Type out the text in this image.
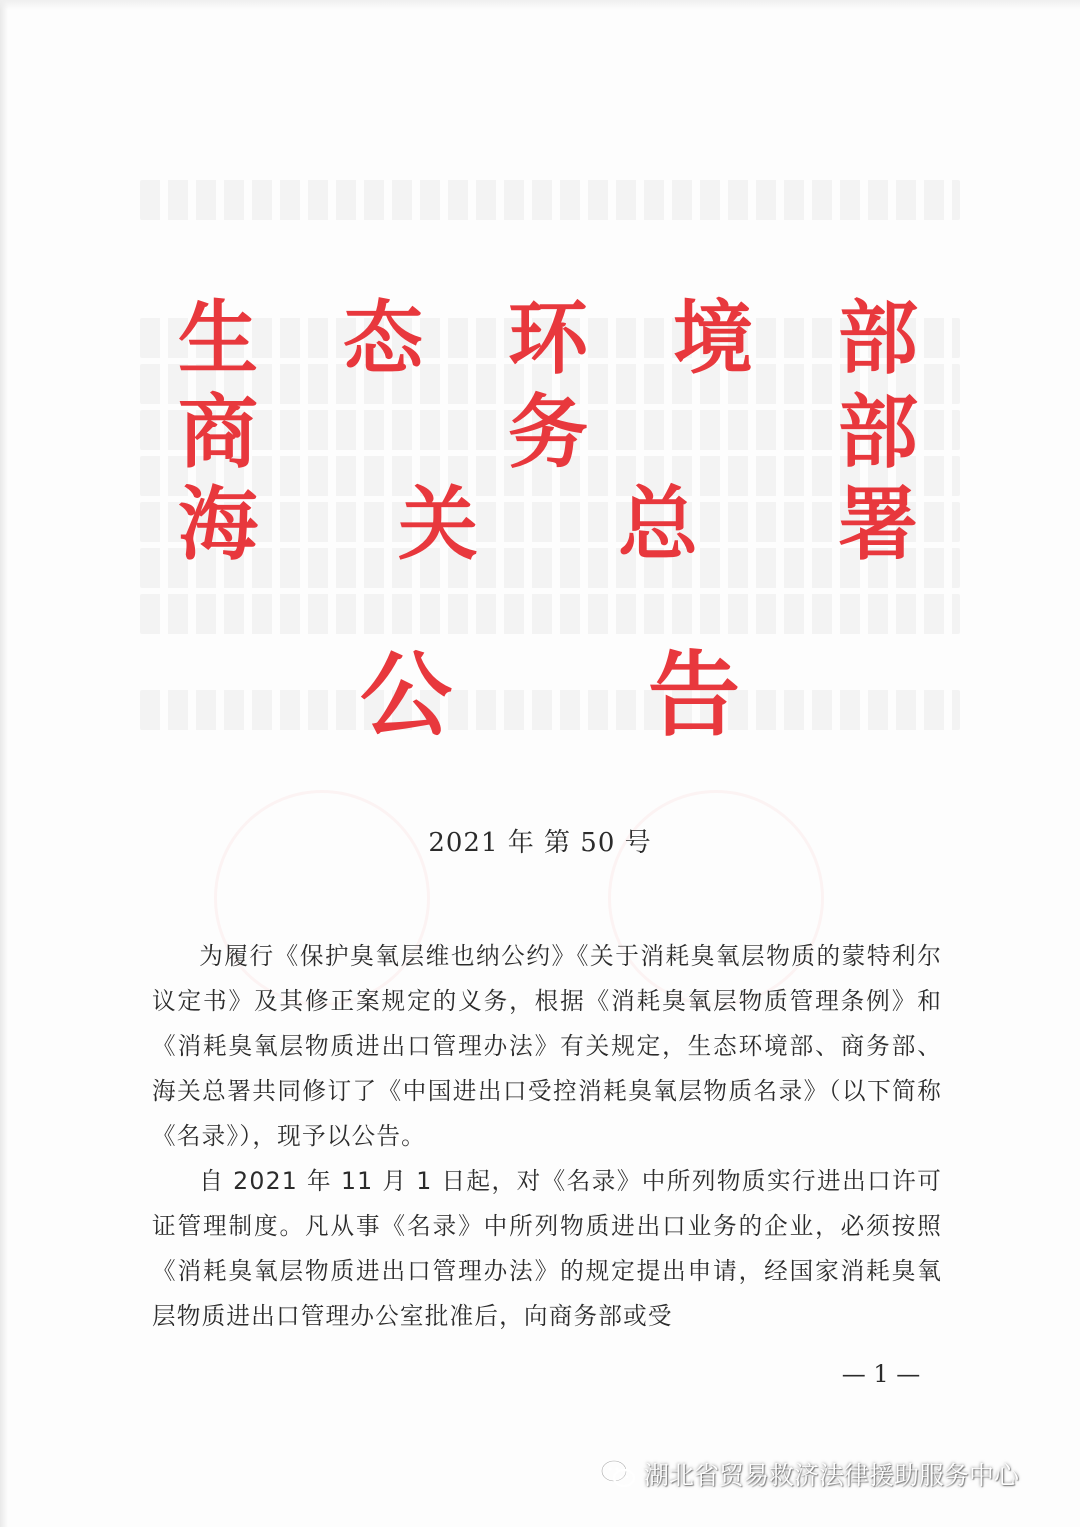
生 态 环 境 部
商	务	部
海 关 总 署
公 告
2021 年 第 50 号

为履行《保护臭氧层维也纳公约》《关于消耗臭氧层物质的蒙特利尔议定书》及其修正案规定的义务，根据《消耗臭氧层物质管理条例》和《消耗臭氧层物质进出口管理办法》有关规定，生态环境部、商务部、海关总署共同修订了《中国进出口受控消耗臭氧层物质名录》（以下简称《名录》），现予以公告。

自 2021 年 11 月 1 日起，对《名录》中所列物质实行进出口许可证管理制度。凡从事《名录》中所列物质进出口业务的企业，必须按照《消耗臭氧层物质进出口管理办法》的规定提出申请，经国家消耗臭氧层物质进出口管理办公室批准后，向商务部或受

— 1 —
湖北省贸易救济法律援助服务中心
